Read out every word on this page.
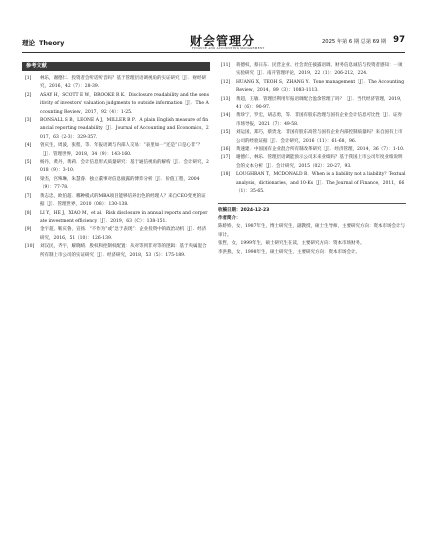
理论 Theory	财会管理分
FINANCE AND ACCOUNTING MANAGEMENT
2025 年第 6 期 总第 69 期 97
参考文献
[1] 林乐，谢德仁．投资者会听话听音吗？基于管理层语调视角的实证研究［J］．财经研究，2016，42（7）：28-39.
[2] ASAY H，SCOTT E W，BROOKE R K．Disclosure readability and the sensitivity of investors' valuation judgments to outside information［J］．The Accounting Review，2017，92（4）：1-25.
[3] BONSALL S B，LEONE A J，MILLER B P．A plain English measure of financial reporting readability［J］．Journal of Accounting and Economics，2017，63（2-3）：329-357.
[4] 曾庆生，周波，张程，等．年报语调与内部人交易：“表里如一”还是“口是心非”？［J］．管理世界，2018，34（9）：143-160.
[5] 杨丹，黄丹，黄莉．会计信息形式质量研究：基于通信视角的解构［J］．会计研究，2018（9）：3-10.
[6] 梁杰，宫殊琳，朱慧睿．独立董事对信息披露的博弈分析［J］．价值工程，2004（9）：77-78.
[7] 黄志忠，欧伯超．哪种模式的MBA项目能够培养出色的经理人？来自CEO变更的证据［J］．管理世界，2010（08）：130-138.
[8] LI Y，HE J，XIAO M，et al．Risk disclosure in annual reports and corporate investment efficiency［J］．2019，63（C）：138-151.
[9] 金宇超，靳庆鲁，宣扬．“不作为”或“急于表现”：企业投资中的政治动机［J］．经济研究，2016，51（10）：126-139.
[10] 刘汉民，齐宇，解晓晴．股权和控制权配置：从对等到非对等的逻辑：基于央属混合所有制上市公司的实证研究［J］．经济研究，2018，53（5）：175-189.
[11] 蒋德权，蔡日东．民营企业、社会责任披露语调、财务信息诚信与投资者感知：一项实验研究［J］．南开管理评论，2019，22（1）：206-212，224.
[12] HUANG X，TEOH S，ZHANG Y．Tone management［J］．The Accounting Review，2014，89（3）：1083-1113.
[13] 黄超，王敏．管理层利用年报语调配合盈余管理了吗？［J］．当代经济管理，2019，41（6）：90-97.
[14] 黄珍宁，罗宏，胡志勇，等．非国有股东治理与国有企业会计信息可比性［J］．证券市场导报，2021（7）：49-58.
[15] 刘运国，郑巧，蔡贵龙．非国有股东高管与国有企业内部控制质量吗？来自国有上市公司的经验证据［J］．会计研究，2016（11）：61-68，96.
[16] 黄速建．中国国有企业混合所有制改革研究［J］．经济管理，2014，36（7）：1-10.
[17] 谢德仁，林乐．管理层语调能预示公司未来业绩吗？基于我国上市公司年度业绩说明会的文本分析［J］．会计研究，2015（02）：20-27，93.
[18] LOUGHRAN T，MCDONALD B．When is a liability not a liability？Textual analysis，dictionaries，and 10-Ks［J］．The Journal of Finance，2011，66（1）：35-65.
收稿日期：2024-12-23
作者简介：
陈娇娇，女，1987年生，博士研究生，副教授，硕士生导师，主要研究方向：资本市场会计与审计。
张哲，女，1999年生，硕士研究生在读，主要研究方向：资本市场财务。
李洪燕，女，1998年生，硕士研究生，主要研究方向：资本市场会计。
